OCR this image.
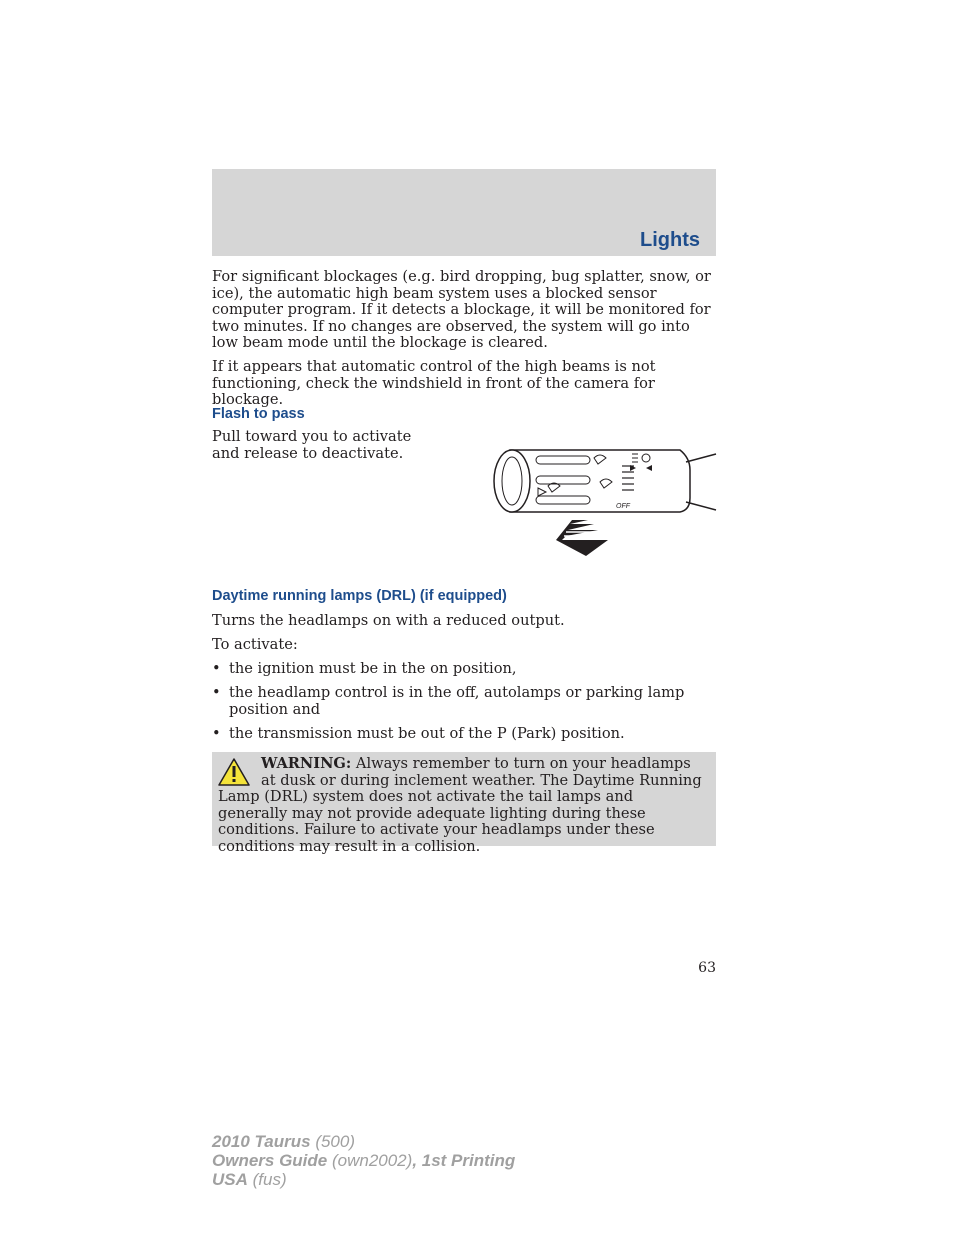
Lights

For significant blockages (e.g. bird dropping, bug splatter, snow, or ice), the automatic high beam system uses a blocked sensor computer program. If it detects a blockage, it will be monitored for two minutes. If no changes are observed, the system will go into low beam mode until the blockage is cleared.

If it appears that automatic control of the high beams is not functioning, check the windshield in front of the camera for blockage.

Flash to pass

Pull toward you to activate and release to deactivate.

OFF
Daytime running lamps (DRL) (if equipped)

Turns the headlamps on with a reduced output.

To activate:

• the ignition must be in the on position,
• the headlamp control is in the off, autolamps or parking lamp position and
• the transmission must be out of the P (Park) position.

WARNING: Always remember to turn on your headlamps at dusk or during inclement weather. The Daytime Running Lamp (DRL) system does not activate the tail lamps and generally may not provide adequate lighting during these conditions. Failure to activate your headlamps under these conditions may result in a collision.

63
2010 Taurus (500)
Owners Guide (own2002), 1st Printing
USA (fus)
